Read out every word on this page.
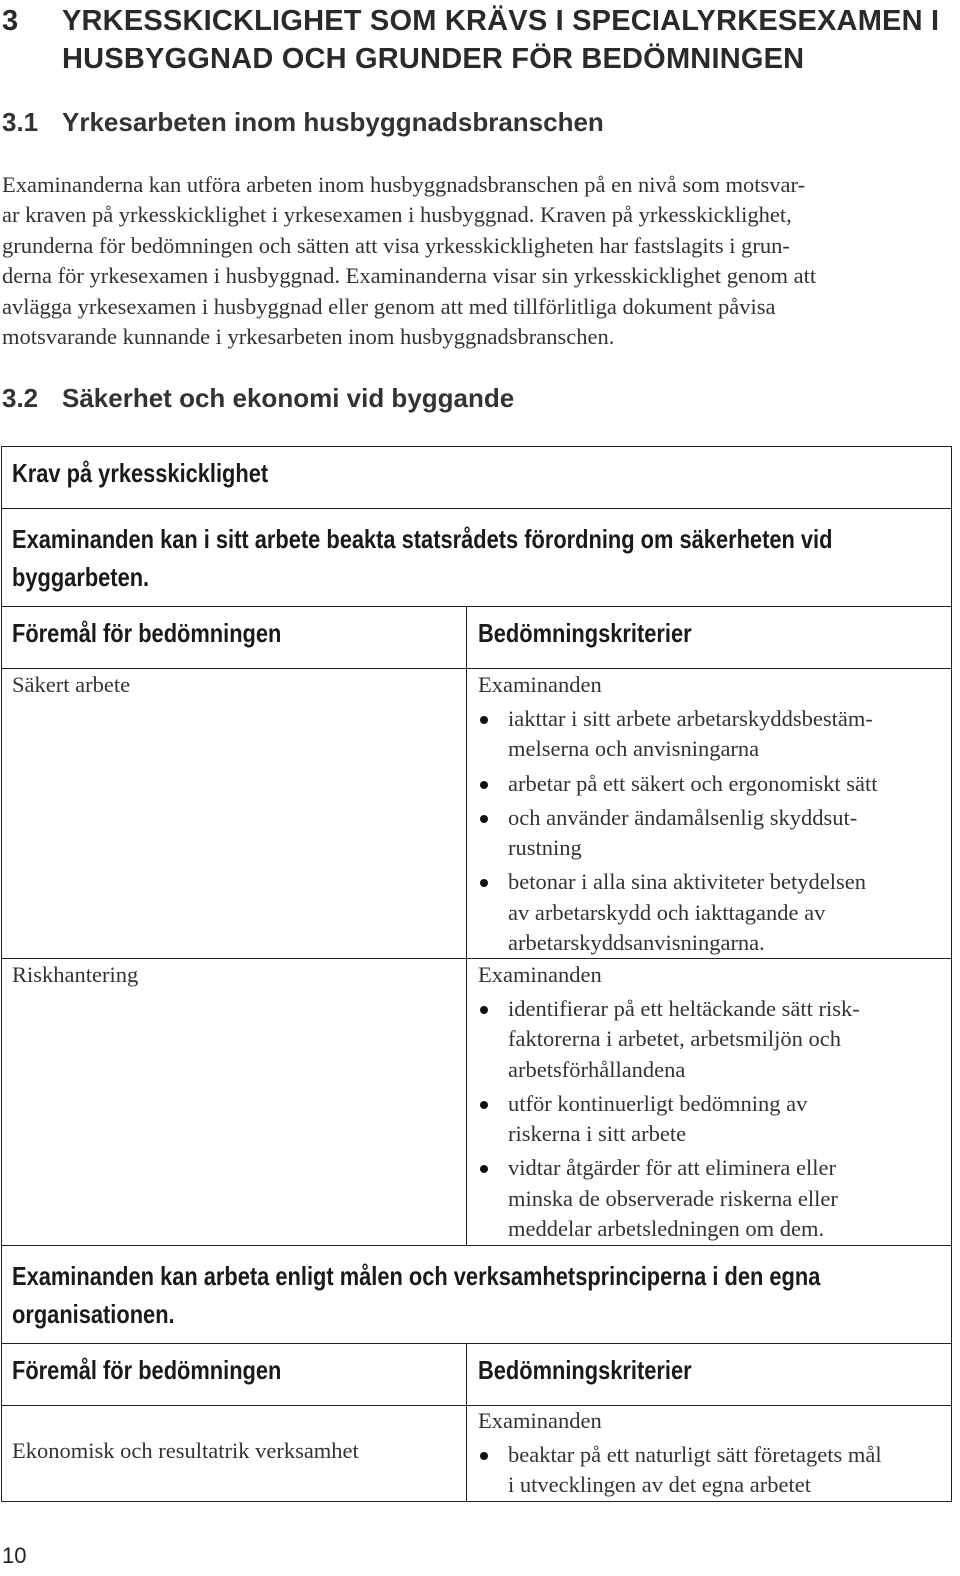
3 YRKESSKICKLIGHET SOM KRÄVS I SPECIALYRKESEXAMEN I
HUSBYGGNAD OCH GRUNDER FÖR BEDÖMNINGEN
3.1 Yrkesarbeten inom husbyggnadsbranschen
Examinanderna kan utföra arbeten inom husbyggnadsbranschen på en nivå som motsvar-
ar kraven på yrkesskicklighet i yrkesexamen i husbyggnad. Kraven på yrkesskicklighet,
grunderna för bedömningen och sätten att visa yrkesskickligheten har fastslagits i grun-
derna för yrkesexamen i husbyggnad. Examinanderna visar sin yrkesskicklighet genom att
avlägga yrkesexamen i husbyggnad eller genom att med tillförlitliga dokument påvisa
motsvarande kunnande i yrkesarbeten inom husbyggnadsbranschen.
3.2 Säkerhet och ekonomi vid byggande
Krav på yrkesskicklighet
Examinanden kan i sitt arbete beakta statsrådets förordning om säkerheten vid
byggarbeten.
Föremål för bedömningen	Bedömningskriterier
Säkert arbete	Examinanden
iakttar i sitt arbete arbetarskyddsbestäm-
melserna och anvisningarna
arbetar på ett säkert och ergonomiskt sätt
och använder ändamålsenlig skyddsut-
rustning
betonar i alla sina aktiviteter betydelsen
av arbetarskydd och iakttagande av
arbetarskyddsanvisningarna.
Riskhantering	Examinanden
identifierar på ett heltäckande sätt risk-
faktorerna i arbetet, arbetsmiljön och
arbetsförhållandena
utför kontinuerligt bedömning av
riskerna i sitt arbete
vidtar åtgärder för att eliminera eller
minska de observerade riskerna eller
meddelar arbetsledningen om dem.
Examinanden kan arbeta enligt målen och verksamhetsprinciperna i den egna
organisationen.
Föremål för bedömningen	Bedömningskriterier
Ekonomisk och resultatrik verksamhet
Examinanden
beaktar på ett naturligt sätt företagets mål
i utvecklingen av det egna arbetet
10
